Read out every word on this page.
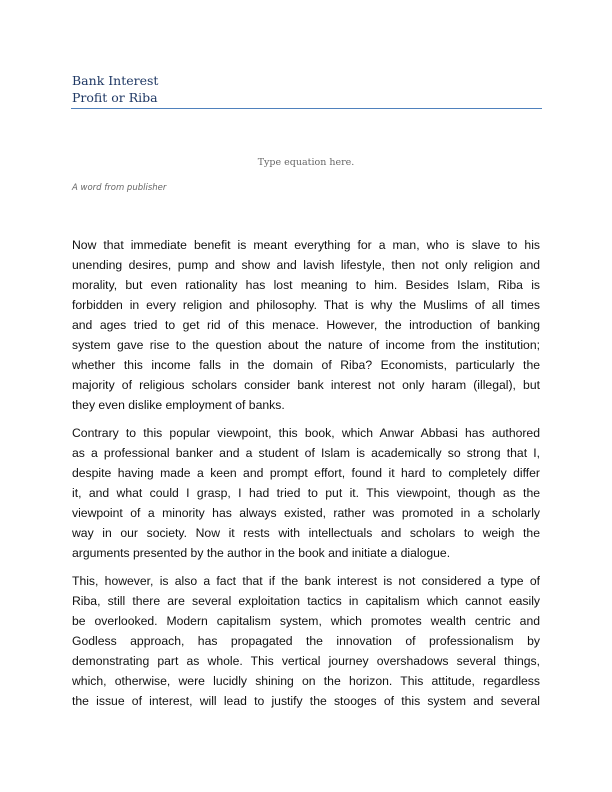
Bank Interest
Profit or Riba
Type equation here.
A word from publisher
Now that immediate benefit is meant everything for a man, who is slave to his
unending desires, pump and show and lavish lifestyle, then not only religion and
morality, but even rationality has lost meaning to him. Besides Islam, Riba is
forbidden in every religion and philosophy. That is why the Muslims of all times
and ages tried to get rid of this menace. However, the introduction of banking
system gave rise to the question about the nature of income from the institution;
whether this income falls in the domain of Riba? Economists, particularly the
majority of religious scholars consider bank interest not only haram (illegal), but
they even dislike employment of banks.
Contrary to this popular viewpoint, this book, which Anwar Abbasi has authored
as a professional banker and a student of Islam is academically so strong that I,
despite having made a keen and prompt effort, found it hard to completely differ
it, and what could I grasp, I had tried to put it. This viewpoint, though as the
viewpoint of a minority has always existed, rather was promoted in a scholarly
way in our society. Now it rests with intellectuals and scholars to weigh the
arguments presented by the author in the book and initiate a dialogue.
This, however, is also a fact that if the bank interest is not considered a type of
Riba, still there are several exploitation tactics in capitalism which cannot easily
be overlooked. Modern capitalism system, which promotes wealth centric and
Godless approach, has propagated the innovation of professionalism by
demonstrating part as whole. This vertical journey overshadows several things,
which, otherwise, were lucidly shining on the horizon. This attitude, regardless
the issue of interest, will lead to justify the stooges of this system and several
